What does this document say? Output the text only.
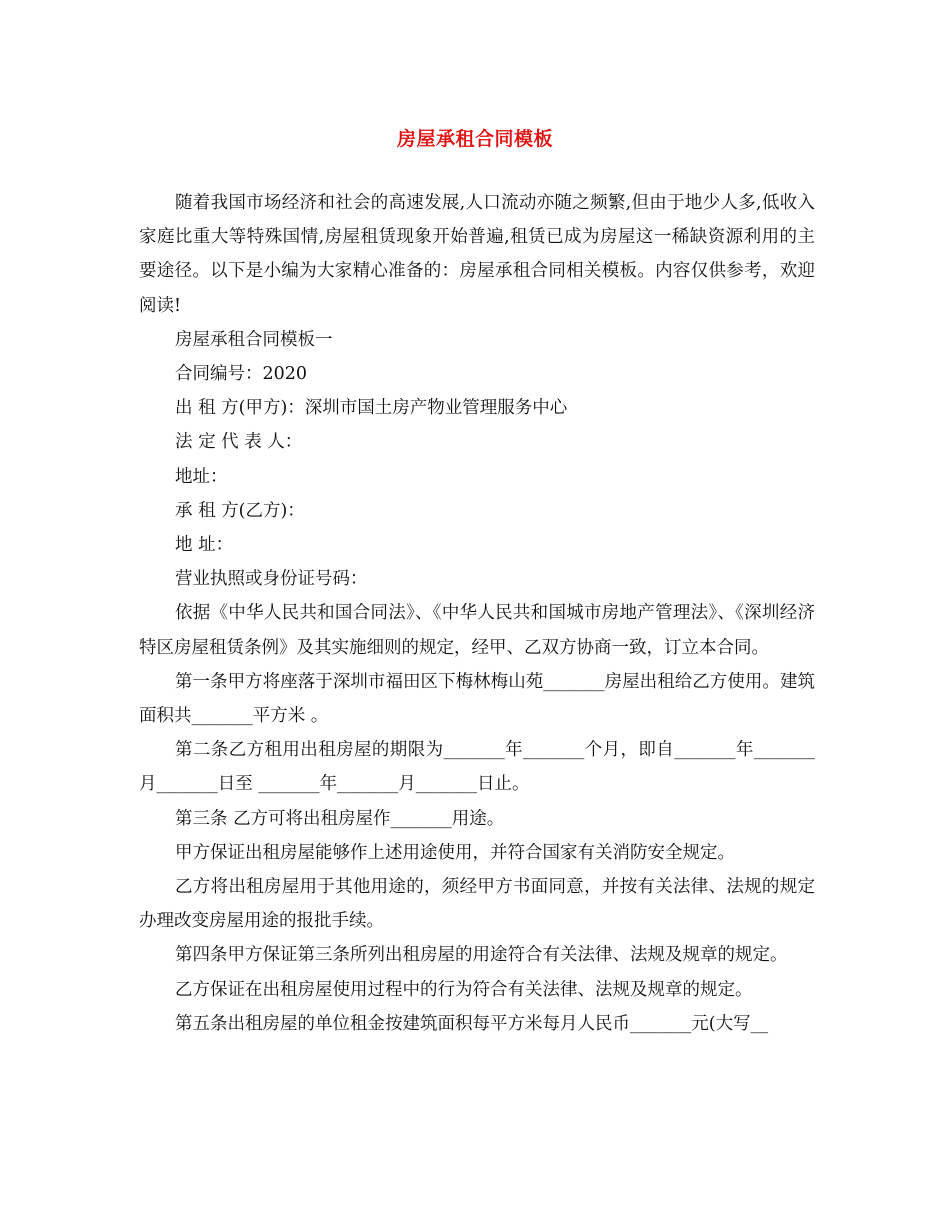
房屋承租合同模板

随着我国市场经济和社会的高速发展,人口流动亦随之频繁,但由于地少人多,低收入家庭比重大等特殊国情,房屋租赁现象开始普遍,租赁已成为房屋这一稀缺资源利用的主要途径。以下是小编为大家精心准备的：房屋承租合同相关模板。内容仅供参考，欢迎阅读!

房屋承租合同模板一

合同编号：2020

出 租 方(甲方)：深圳市国土房产物业管理服务中心

法 定 代 表 人：

地址：

承 租 方(乙方)：

地 址：

营业执照或身份证号码：

依据《中华人民共和国合同法》、《中华人民共和国城市房地产管理法》、《深圳经济特区房屋租赁条例》及其实施细则的规定，经甲、乙双方协商一致，订立本合同。

第一条甲方将座落于深圳市福田区下梅林梅山苑_______房屋出租给乙方使用。建筑面积共_______平方米 。

第二条乙方租用出租房屋的期限为_______年_______个月，即自_______年_______月_______日至 _______年_______月_______日止。

第三条 乙方可将出租房屋作_______用途。

甲方保证出租房屋能够作上述用途使用，并符合国家有关消防安全规定。

乙方将出租房屋用于其他用途的，须经甲方书面同意，并按有关法律、法规的规定办理改变房屋用途的报批手续。

第四条甲方保证第三条所列出租房屋的用途符合有关法律、法规及规章的规定。

乙方保证在出租房屋使用过程中的行为符合有关法律、法规及规章的规定。

第五条出租房屋的单位租金按建筑面积每平方米每月人民币_______元(大写__
